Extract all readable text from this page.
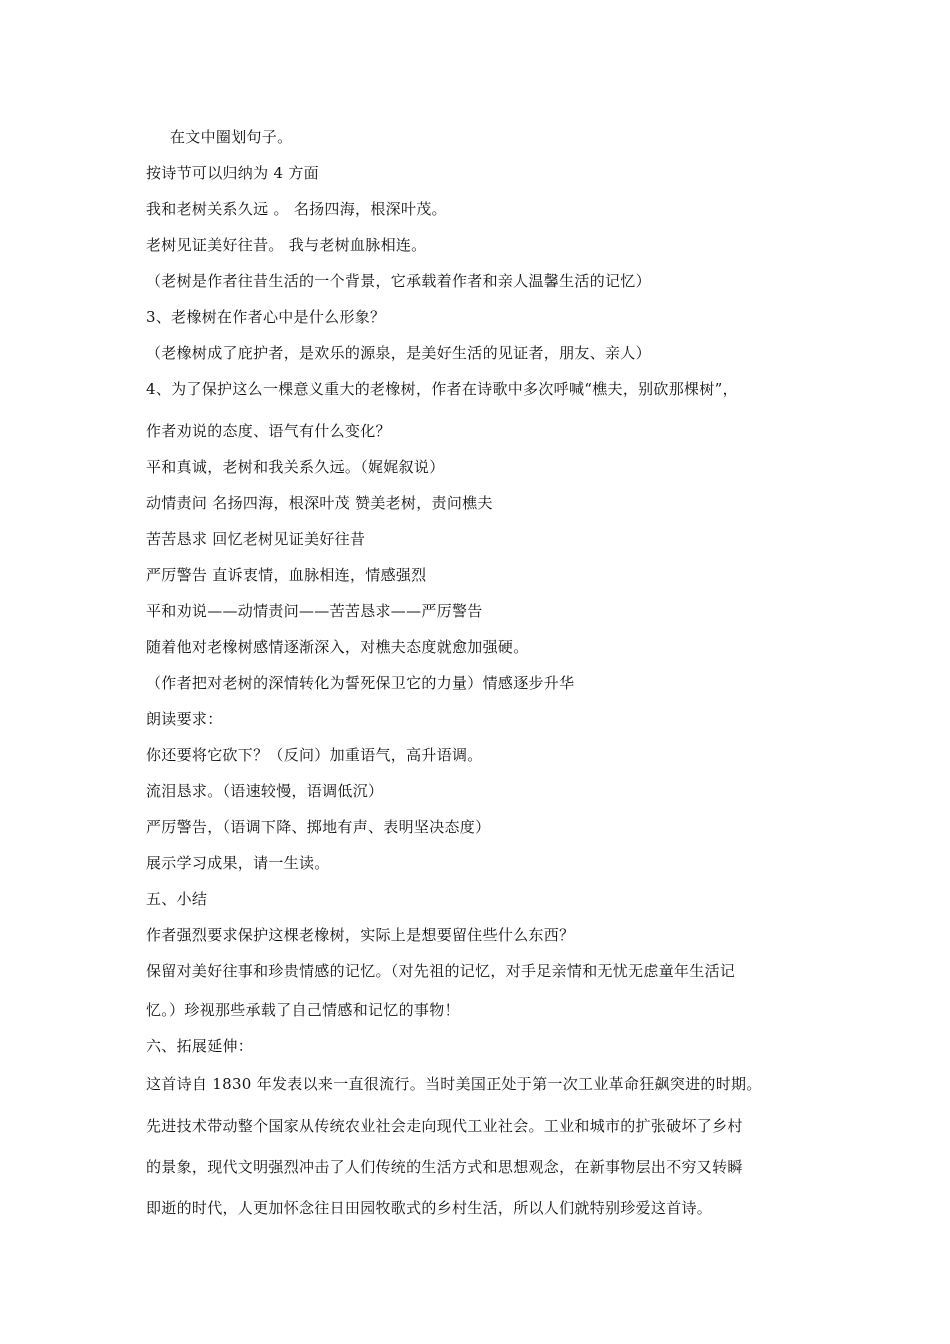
在文中圈划句子。
按诗节可以归纳为 4 方面
我和老树关系久远 。 名扬四海，根深叶茂。
老树见证美好往昔。 我与老树血脉相连。
（老树是作者往昔生活的一个背景，它承载着作者和亲人温馨生活的记忆）
3、老橡树在作者心中是什么形象？
（老橡树成了庇护者，是欢乐的源泉，是美好生活的见证者，朋友、亲人）
4、为了保护这么一棵意义重大的老橡树，作者在诗歌中多次呼喊“樵夫，别砍那棵树”，
作者劝说的态度、语气有什么变化？
平和真诚，老树和我关系久远。（娓娓叙说）
动情责问 名扬四海，根深叶茂 赞美老树，责问樵夫
苦苦恳求 回忆老树见证美好往昔
严厉警告 直诉衷情，血脉相连，情感强烈
平和劝说——动情责问——苦苦恳求——严厉警告
随着他对老橡树感情逐渐深入，对樵夫态度就愈加强硬。
（作者把对老树的深情转化为誓死保卫它的力量）情感逐步升华
朗读要求：
你还要将它砍下？（反问）加重语气，高升语调。
流泪恳求。（语速较慢，语调低沉）
严厉警告，（语调下降、掷地有声、表明坚决态度）
展示学习成果，请一生读。
五、小结
作者强烈要求保护这棵老橡树，实际上是想要留住些什么东西？
保留对美好往事和珍贵情感的记忆。（对先祖的记忆，对手足亲情和无忧无虑童年生活记
忆。）珍视那些承载了自己情感和记忆的事物！
六、拓展延伸：
这首诗自 1830 年发表以来一直很流行。当时美国正处于第一次工业革命狂飙突进的时期。
先进技术带动整个国家从传统农业社会走向现代工业社会。工业和城市的扩张破坏了乡村
的景象，现代文明强烈冲击了人们传统的生活方式和思想观念，在新事物层出不穷又转瞬
即逝的时代，人更加怀念往日田园牧歌式的乡村生活，所以人们就特别珍爱这首诗。
